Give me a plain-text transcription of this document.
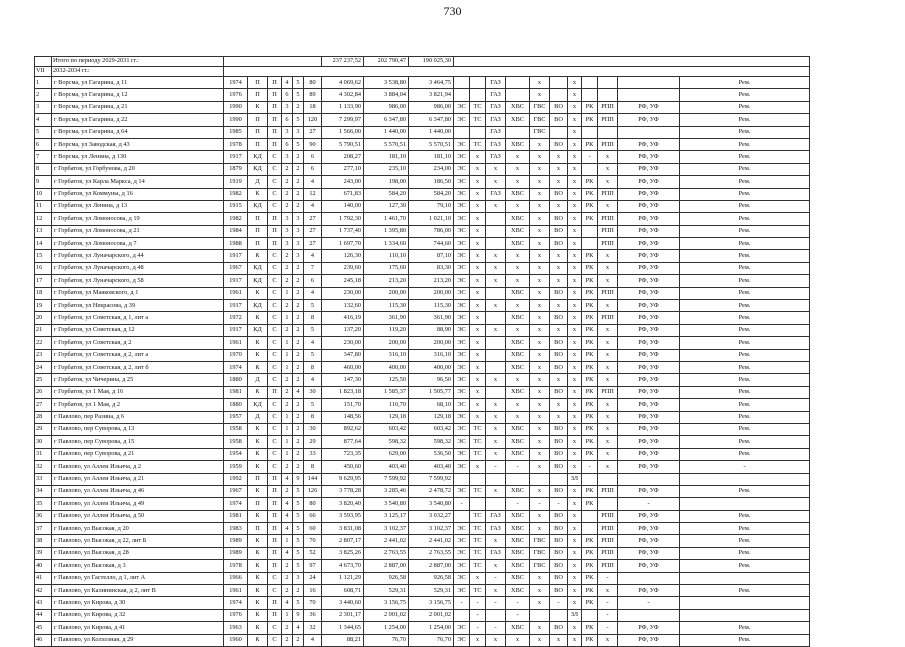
730
	Итого по периоду 2029-2031 гг.:							237 237,52	202 790,47	190 025,30											
VII	2032-2034 гг.:																				
1	г Ворсма, ул Гагарина, д 11	1974	П	П	4	5	80	4 069,62	3 538,80	3 464,75			ГАЗ		х		х				Рем.
2	г Ворсма, ул Гагарина, д 12	1976	П	П	6	5	89	4 302,84	3 884,04	3 821,94			ГАЗ		х		х				Рем.
3	г Ворсма, ул Гагарина, д 21	1990	К	П	3	2	18	1 133,90	986,00	986,00	ЭС	ТС	ГАЗ	ХВС	ГВС	ВО	х	РК	РПП	РФ, УФ	Рем.
4	г Ворсма, ул Гагарина, д 22	1990	П	П	6	5	120	7 299,97	6 347,80	6 347,80	ЭС	ТС	ГАЗ	ХВС	ГВС	ВО	х	РК	РПП	РФ, УФ	Рем.
5	г Ворсма, ул Гагарина, д 64	1985	П	П	3	3	27	1 566,00	1 440,00	1 440,00			ГАЗ		ГВС		х				Рем.
6	г Ворсма, ул Заводская, д 43	1978	П	П	6	5	90	5 790,51	5 570,51	5 570,51	ЭС	ТС	ГАЗ	ХВС	х	ВО	х	РК	РПП	РФ, УФ	Рем.
7	г Ворсма, ул Ленина, д 130	1917	КД	С	3	2	6	208,27	181,10	181,10	ЭС	х	ГАЗ	х	х	х	х	-	х	РФ, УФ	Рем.
8	г Горбатов, ул Горбунова, д 20	1879	КД	С	2	2	6	277,10	235,10	234,00	ЭС	х	х	х	х	х	х		х	РФ, УФ	Рем.
9	г Горбатов, ул Карла Маркса, д 14	1919	Д	С	2	2	4	243,00	198,00	186,50	ЭС	х	х	х	х	х	х	РК	х	РФ, УФ	Рем.
10	г Горбатов, ул Коммуны, д 16	1982	К	С	2	2	12	671,83	584,20	584,20	ЭС	х	ГАЗ	ХВС	х	ВО	х	РК	РПП	РФ, УФ	Рем.
11	г Горбатов, ул Ленина, д 13	1915	КД	С	2	2	4	140,00	127,30	79,10	ЭС	х	х	х	х	х	х	РК	х	РФ, УФ	Рем.
12	г Горбатов, ул Ломоносова, д 19	1982	П	П	3	3	27	1 792,30	1 461,70	1 021,10	ЭС	х		ХВС	х	ВО	х	РК	РПП	РФ, УФ	Рем.
13	г Горбатов, ул Ломоносова, д 21	1984	П	П	3	3	27	1 737,40	1 395,80	786,00	ЭС	х		ХВС	х	ВО	х		РПП	РФ, УФ	Рем.
14	г Горбатов, ул Ломоносова, д 7	1988	П	П	3	3	27	1 697,70	1 334,60	744,60	ЭС	х		ХВС	х	ВО	х		РПП	РФ, УФ	Рем.
15	г Горбатов, ул Луначарского, д 44	1917	К	С	2	3	4	126,30	110,10	87,10	ЭС	х	х	х	х	х	х	РК	х	РФ, УФ	Рем.
16	г Горбатов, ул Луначарского, д 48	1967	КД	С	2	2	7	239,60	175,60	83,30	ЭС	х	х	х	х	х	х	РК	х	РФ, УФ	Рем.
17	г Горбатов, ул Луначарского, д 58	1917	КД	С	2	2	6	245,18	213,20	213,20	ЭС	х	х	х	х	х	х	РК	х	РФ, УФ	Рем.
18	г Горбатов, ул Маяковского, д 1	1961	К	С	1	2	4	230,00	200,00	200,00	ЭС	х		ХВС	х	ВО	х	РК	РПП	РФ, УФ	Рем.
19	г Горбатов, ул Некрасова, д 39	1917	КД	С	2	2	5	132,60	115,30	115,30	ЭС	х	х	х	х	х	х	РК	х	РФ, УФ	Рем.
20	г Горбатов, ул Советская, д 1, лит а	1972	К	С	1	2	8	416,19	361,90	361,90	ЭС	х		ХВС	х	ВО	х	РК	РПП	РФ, УФ	Рем.
21	г Горбатов, ул Советская, д 12	1917	КД	С	2	2	5	137,20	119,20	88,90	ЭС	х	х	х	х	х	х	РК	х	РФ, УФ	Рем.
22	г Горбатов, ул Советская, д 2	1961	К	С	1	2	4	230,00	200,00	200,00	ЭС	х		ХВС	х	ВО	х	РК	х	РФ, УФ	Рем.
23	г Горбатов, ул Советская, д 2, лит а	1970	К	С	1	2	5	347,80	316,10	316,10	ЭС	х		ХВС	х	ВО	х	РК	х	РФ, УФ	Рем.
24	г Горбатов, ул Советская, д 2, лит б	1974	К	С	1	2	8	460,00	400,00	400,00	ЭС	х		ХВС	х	ВО	х	РК	х	РФ, УФ	Рем.
25	г Горбатов, ул Чичерина, д 25	1880	Д	С	2	2	4	147,30	125,50	96,50	ЭС	х	х	х	х	х	х	РК	х	РФ, УФ	Рем.
26	г Горбатов, ул 1 Мая, д 16	1981	К	П	2	4	30	1 823,18	1 585,37	1 505,77	ЭС	х		ХВС	х	ВО	х	РК	РПП	РФ, УФ	Рем.
27	г Горбатов, ул 1 Мая, д 2	1880	КД	С	2	2	5	151,70	110,70	68,10	ЭС	х	х	х	х	х	х	РК	х	РФ, УФ	Рем.
28	г Павлово, пер Разина, д 6	1957	Д	С	1	2	8	148,56	129,18	129,18	ЭС	х	х	х	х	х	х	РК	х	РФ, УФ	Рем.
29	г Павлово, пер Суворова, д 13	1958	К	С	1	2	30	892,62	603,42	603,42	ЭС	ТС	х	ХВС	х	ВО	х	РК	х	РФ, УФ	Рем.
30	г Павлово, пер Суворова, д 15	1958	К	С	1	2	29	877,64	598,32	598,32	ЭС	ТС	х	ХВС	х	ВО	х	РК	х	РФ, УФ	Рем.
31	г Павлово, пер Суворова, д 21	1954	К	С	1	2	33	723,35	629,00	536,50	ЭС	ТС	х	ХВС	х	ВО	х	РК	х	РФ, УФ	Рем.
32	г Павлово, ул Аллеи Ильича, д 2	1959	К	С	2	2	8	450,60	403,40	403,40	ЭС	х	-	-	х	ВО	х	-	х	РФ, УФ	-
33	г Павлово, ул Аллеи Ильича, д 21	1992	П	П	4	9	144	9 629,95	7 599,92	7 599,92							ЗЛ				
34	г Павлово, ул Аллеи Ильича, д 46	1967	К	П	2	5	126	3 778,28	3 285,46	2 478,72	ЭС	ТС	х	ХВС	х	ВО	х	РК	РПП	РФ, УФ	Рем.
35	г Павлово, ул Аллеи Ильича, д 49	1974	П	П	4	5	80	3 820,40	3 540,80	3 540,80	-			-	-	-	х	РК		-	
36	г Павлово, ул Аллеи Ильича, д 50	1981	К	П	4	5	66	3 593,95	3 125,17	3 032,27		ТС	ГАЗ	ХВС	х	ВО	х		РПП	РФ, УФ	Рем.
37	г Павлово, ул Высокая, д 20	1983	П	П	4	5	60	3 831,08	3 102,37	3 102,37	ЭС	ТС	ГАЗ	ХВС	х	ВО	х		РПП	РФ, УФ	Рем.
38	г Павлово, ул Высокая, д 22, лит Б	1989	К	П	1	5	70	2 807,17	2 441,02	2 441,02	ЭС	ТС	х	ХВС	ГВС	ВО	х	РК	РПП	РФ, УФ	Рем.
39	г Павлово, ул Высокая, д 28	1989	К	П	4	5	52	3 825,26	2 763,55	2 763,55	ЭС	ТС	ГАЗ	ХВС	ГВС	ВО	х	РК	РПП	РФ, УФ	Рем.
40	г Павлово, ул Высокая, д 3	1978	К	П	2	5	97	4 673,70	2 887,00	2 887,00	ЭС	ТС	х	ХВС	ГВС	ВО	х	РК	РПП	РФ, УФ	Рем.
41	г Павлово, ул Гастелло, д 1, лит А	1966	К	С	2	3	24	1 121,29	926,58	926,58	ЭС	х	-	ХВС	х	ВО	х	РК	-		
42	г Павлово, ул Калининская, д 2, лит В	1961	К	С	2	2	16	608,71	529,31	529,31	ЭС	ТС	х	ХВС	х	ВО	х	РК	х	РФ, УФ	Рем.
43	г Павлово, ул Кирова, д 30	1974	К	П	4	5	70	3 440,60	3 156,75	3 156,75	-	-	-	-	х	-	х	РК	-	-	
44	г Павлово, ул Кирова, д 32	1976	К	П	1	9	36	2 301,17	2 001,02	2 001,02		-		-			ЗЛ		-		
45	г Павлово, ул Кирова, д 41	1963	К	С	2	4	32	1 344,65	1 254,00	1 254,00	ЭС	-	-	ХВС	х	ВО	х	РК	-	РФ, УФ	Рем.
46	г Павлово, ул Колхозная, д 29	1960	К	С	2	2	4	88,21	76,70	76,70	ЭС	х	х	х	х	х	х	РК	х	РФ, УФ	Рем.
